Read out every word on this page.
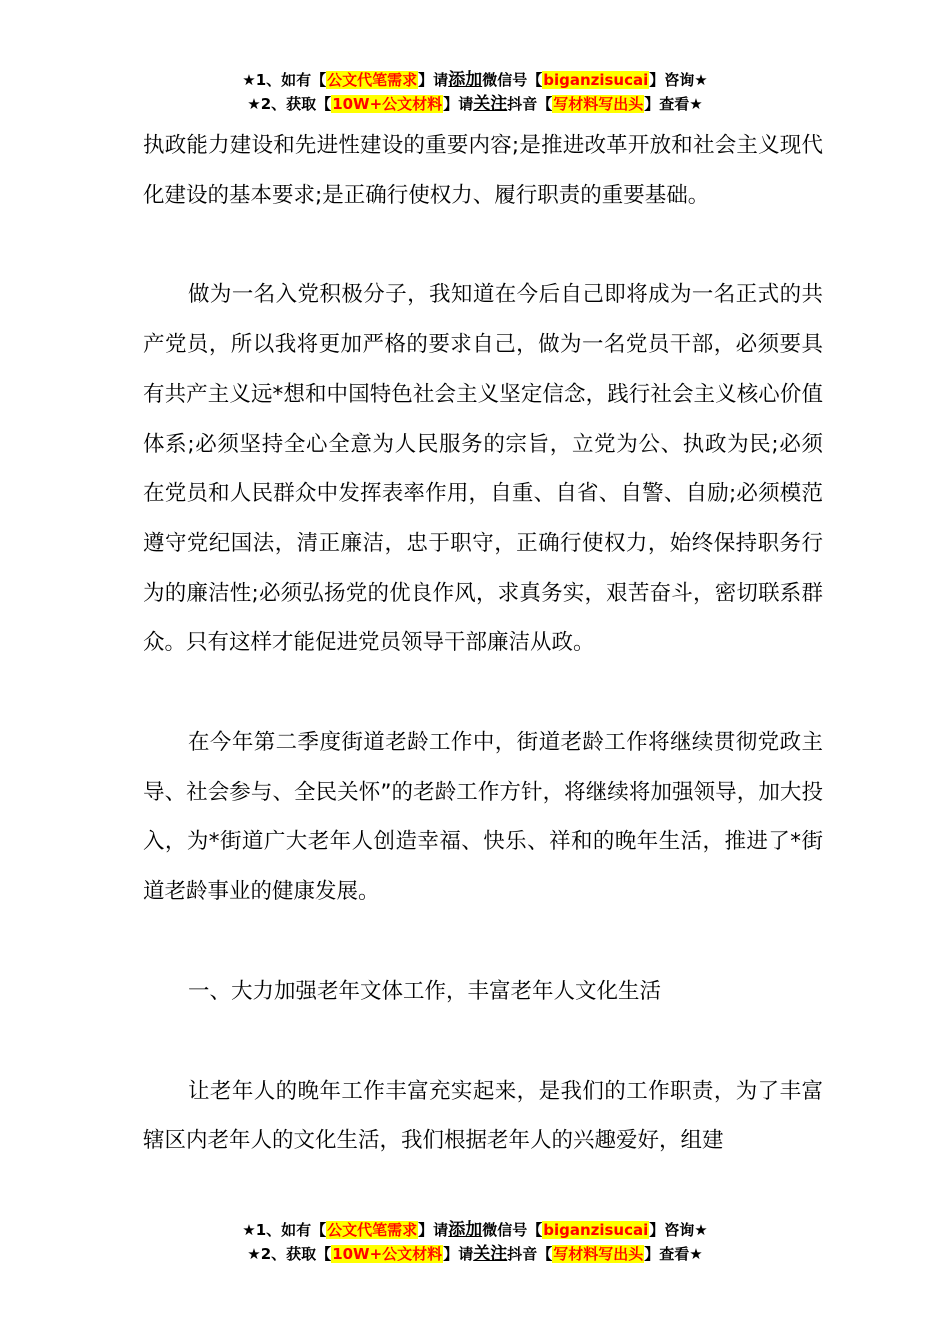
★1、如有【公文代笔需求】请添加微信号【biganzisucai】咨询★
★2、获取【10W+公文材料】请关注抖音【写材料写出头】查看★

执政能力建设和先进性建设的重要内容;是推进改革开放和社会主义现代化建设的基本要求;是正确行使权力、履行职责的重要基础。

做为一名入党积极分子，我知道在今后自己即将成为一名正式的共产党员，所以我将更加严格的要求自己，做为一名党员干部，必须要具有共产主义远*想和中国特色社会主义坚定信念，践行社会主义核心价值体系;必须坚持全心全意为人民服务的宗旨，立党为公、执政为民;必须在党员和人民群众中发挥表率作用，自重、自省、自警、自励;必须模范遵守党纪国法，清正廉洁，忠于职守，正确行使权力，始终保持职务行为的廉洁性;必须弘扬党的优良作风，求真务实，艰苦奋斗，密切联系群众。只有这样才能促进党员领导干部廉洁从政。

在今年第二季度街道老龄工作中，街道老龄工作将继续贯彻党政主导、社会参与、全民关怀”的老龄工作方针，将继续将加强领导，加大投入，为*街道广大老年人创造幸福、快乐、祥和的晚年生活，推进了*街道老龄事业的健康发展。

一、大力加强老年文体工作，丰富老年人文化生活

让老年人的晚年工作丰富充实起来，是我们的工作职责，为了丰富辖区内老年人的文化生活，我们根据老年人的兴趣爱好，组建

★1、如有【公文代笔需求】请添加微信号【biganzisucai】咨询★
★2、获取【10W+公文材料】请关注抖音【写材料写出头】查看★
